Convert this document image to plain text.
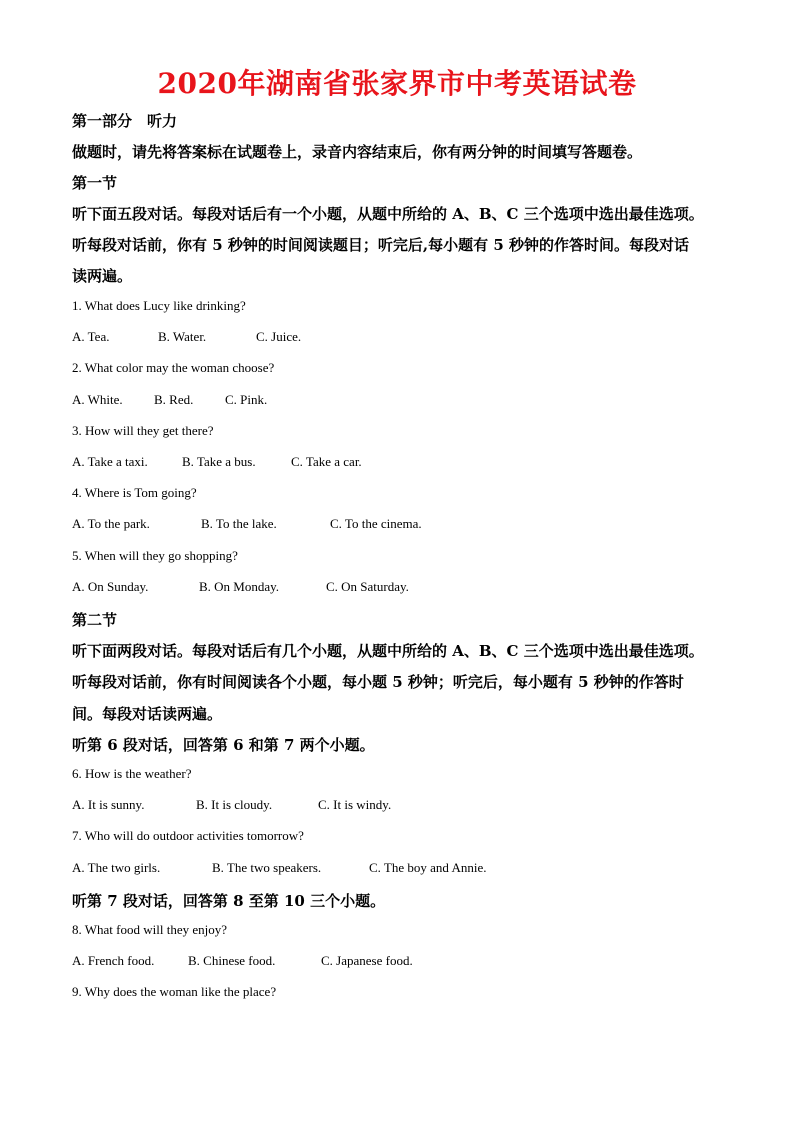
2020年湖南省张家界市中考英语试卷
第一部分　听力
做题时，请先将答案标在试题卷上，录音内容结束后，你有两分钟的时间填写答题卷。
第一节
听下面五段对话。每段对话后有一个小题，从题中所给的 A、B、C 三个选项中选出最佳选项。
听每段对话前，你有 5 秒钟的时间阅读题目；听完后,每小题有 5 秒钟的作答时间。每段对话
读两遍。
1. What does Lucy like drinking?
A. Tea.	B. Water.	C. Juice.
2. What color may the woman choose?
A. White. B. Red. C. Pink.
3. How will they get there?
A. Take a taxi.	B. Take a bus.	C. Take a car.
4. Where is Tom going?
A. To the park.	B. To the lake.	C. To the cinema.
5. When will they go shopping?
A. On Sunday.	B. On Monday.	C. On Saturday.
第二节
听下面两段对话。每段对话后有几个小题，从题中所给的 A、B、C 三个选项中选出最佳选项。
听每段对话前，你有时间阅读各个小题，每小题 5 秒钟；听完后，每小题有 5 秒钟的作答时
间。每段对话读两遍。
听第 6 段对话，回答第 6 和第 7 两个小题。
6. How is the weather?
A. It is sunny.	B. It is cloudy.	C. It is windy.
7. Who will do outdoor activities tomorrow?
A. The two girls.	B. The two speakers.	C. The boy and Annie.
听第 7 段对话，回答第 8 至第 10 三个小题。
8. What food will they enjoy?
A. French food.	B. Chinese food.	C. Japanese food.
9. Why does the woman like the place?
